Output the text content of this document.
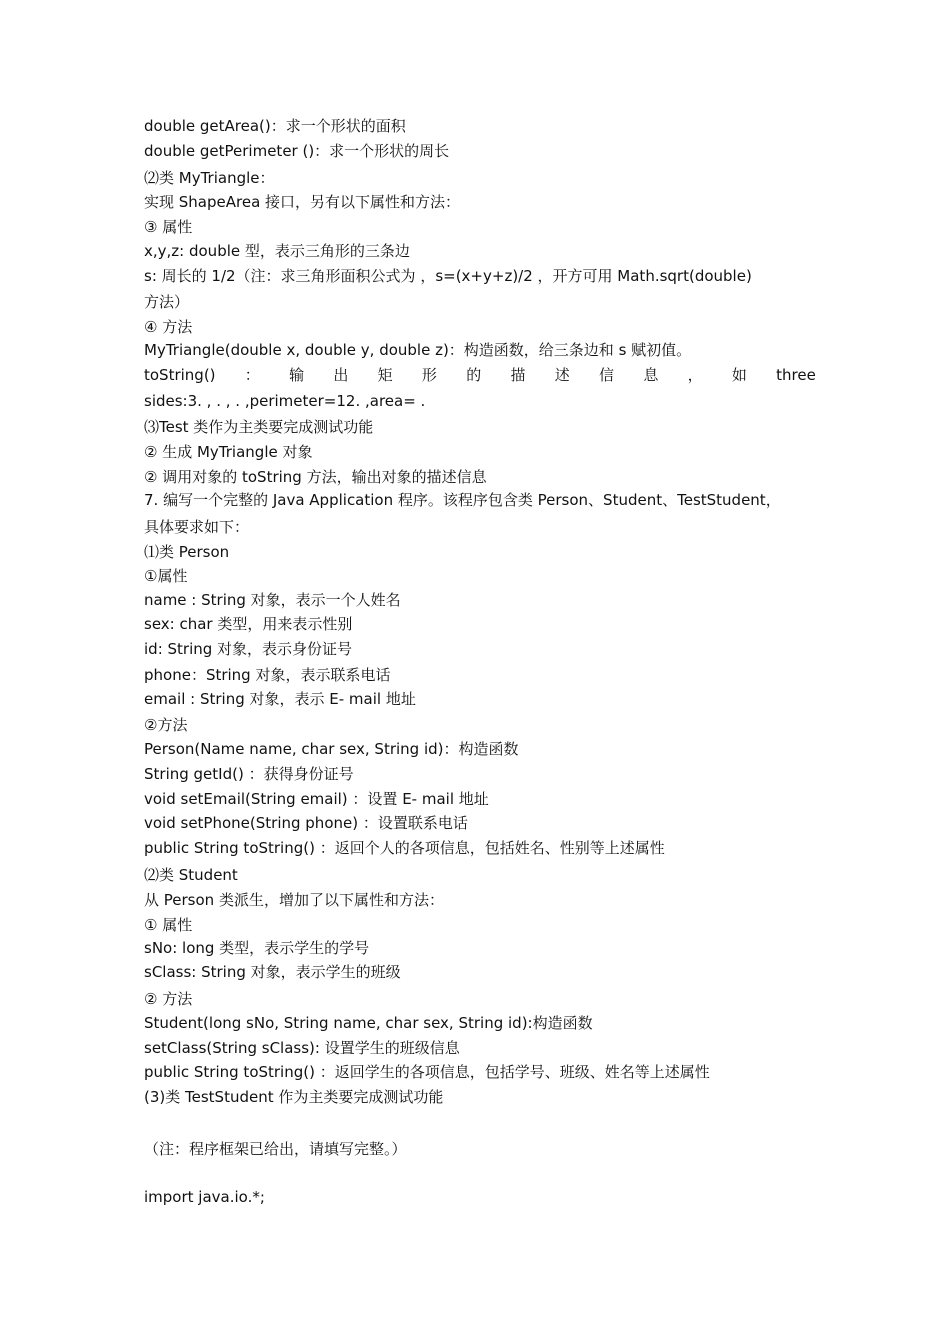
double getArea()：求一个形状的面积
double getPerimeter ()：求一个形状的周长
⑵类 MyTriangle：
实现 ShapeArea 接口，另有以下属性和方法：
③ 属性
x,y,z: double 型，表示三角形的三条边
s: 周长的 1/2（注：求三角形面积公式为 ，s=(x+y+z)/2 ，开方可用 Math.sqrt(double)
方法）
④ 方法
MyTriangle(double x, double y, double z)：构造函数，给三条边和 s 赋初值。
toString() ： 输 出 矩 形 的 描 述 信 息 ， 如 three
sides:3. , . , . ,perimeter=12. ,area= .
⑶Test 类作为主类要完成测试功能
② 生成 MyTriangle 对象
② 调用对象的 toString 方法，输出对象的描述信息
7. 编写一个完整的 Java Application 程序。该程序包含类 Person、Student、TestStudent，
具体要求如下：
⑴类 Person
①属性
name : String 对象，表示一个人姓名
sex: char 类型，用来表示性别
id: String 对象，表示身份证号
phone：String 对象，表示联系电话
email : String 对象，表示 E- mail 地址
②方法
Person(Name name, char sex, String id)：构造函数
String getId() ：获得身份证号
void setEmail(String email) ：设置 E- mail 地址
void setPhone(String phone) ：设置联系电话
public String toString() ：返回个人的各项信息，包括姓名、性别等上述属性
⑵类 Student
从 Person 类派生，增加了以下属性和方法：
① 属性
sNo: long 类型，表示学生的学号
sClass: String 对象，表示学生的班级
② 方法
Student(long sNo, String name, char sex, String id):构造函数
setClass(String sClass): 设置学生的班级信息
public String toString() ：返回学生的各项信息，包括学号、班级、姓名等上述属性
(3)类 TestStudent 作为主类要完成测试功能
（注：程序框架已给出，请填写完整。）
import java.io.*;
